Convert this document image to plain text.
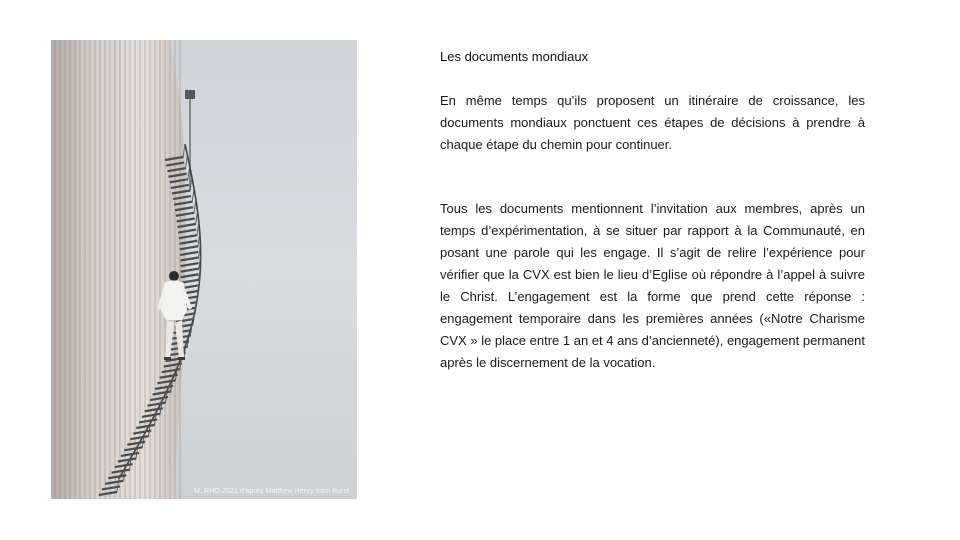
M. RHO 2021 d'après Matthew Henry from Burst
Les documents mondiaux

En même temps qu’ils proposent un itinéraire de croissance, les documents mondiaux ponctuent ces étapes de décisions à prendre à chaque étape du chemin pour continuer.

Tous les documents mentionnent l’invitation aux membres, après un temps d’expérimentation, à se situer par rapport à la Communauté, en posant une parole qui les engage. Il s’agit de relire l’expérience pour vérifier que la CVX est bien le lieu d’Eglise où répondre à l’appel à suivre le Christ. L’engagement est la forme que prend cette réponse : engagement temporaire dans les premières années («Notre Charisme CVX » le place entre 1 an et 4 ans d’ancienneté), engagement permanent après le discernement de la vocation.
